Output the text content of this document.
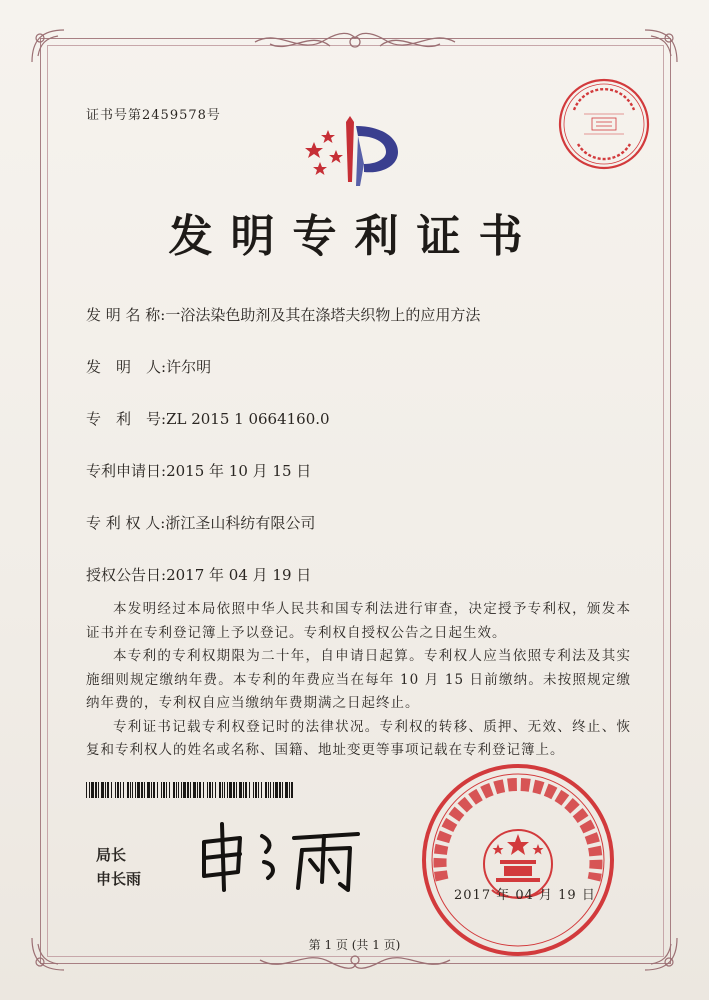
证书号第2459578号
发明专利证书
发 明 名 称:一浴法染色助剂及其在涤塔夫织物上的应用方法
发　明　人:许尔明
专　利　号:ZL 2015 1 0664160.0
专利申请日:2015 年 10 月 15 日
专 利 权 人:浙江圣山科纺有限公司
授权公告日:2017 年 04 月 19 日

本发明经过本局依照中华人民共和国专利法进行审查，决定授予专利权，颁发本证书并在专利登记簿上予以登记。专利权自授权公告之日起生效。

本专利的专利权期限为二十年，自申请日起算。专利权人应当依照专利法及其实施细则规定缴纳年费。本专利的年费应当在每年 10 月 15 日前缴纳。未按照规定缴纳年费的，专利权自应当缴纳年费期满之日起终止。

专利证书记载专利权登记时的法律状况。专利权的转移、质押、无效、终止、恢复和专利权人的姓名或名称、国籍、地址变更等事项记载在专利登记簿上。

局长
申长雨
2017 年 04 月 19 日
第 1 页 (共 1 页)
